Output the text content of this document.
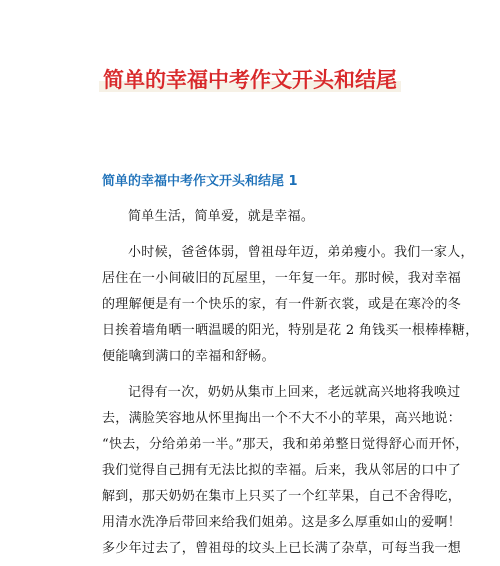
简单的幸福中考作文开头和结尾
简单的幸福中考作文开头和结尾 1
简单生活，简单爱，就是幸福。
小时候，爸爸体弱，曾祖母年迈，弟弟瘦小。我们一家人，
居住在一小间破旧的瓦屋里，一年复一年。那时候，我对幸福
的理解便是有一个快乐的家，有一件新衣裳，或是在寒冷的冬
日挨着墙角晒一晒温暖的阳光，特别是花 2 角钱买一根棒棒糖，
便能噙到满口的幸福和舒畅。
记得有一次，奶奶从集市上回来，老远就高兴地将我唤过
去，满脸笑容地从怀里掏出一个不大不小的苹果，高兴地说：
“快去，分给弟弟一半。”那天，我和弟弟整日觉得舒心而开怀，
我们觉得自己拥有无法比拟的幸福。后来，我从邻居的口中了
解到，那天奶奶在集市上只买了一个红苹果，自己不舍得吃，
用清水洗净后带回来给我们姐弟。这是多么厚重如山的爱啊！
多少年过去了，曾祖母的坟头上已长满了杂草，可每当我一想
